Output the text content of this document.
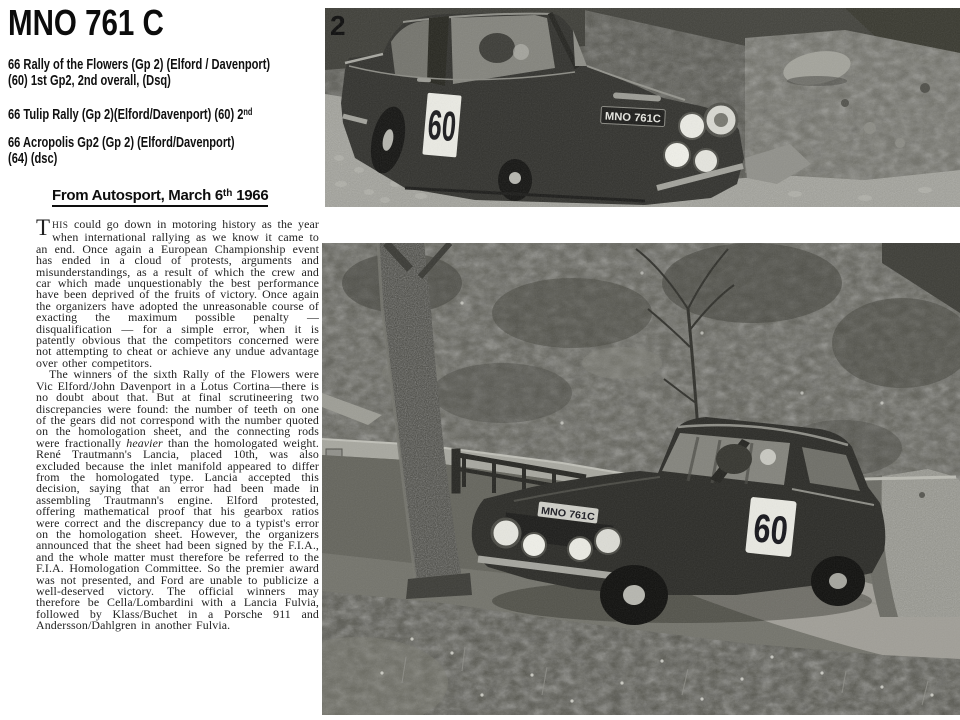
MNO 761 C
66 Rally of the Flowers (Gp 2) (Elford / Davenport)
(60) 1st Gp2, 2nd overall, (Dsq)
66 Tulip Rally (Gp 2)(Elford/Davenport) (60) 2nd
66 Acropolis Gp2 (Gp 2) (Elford/Davenport)
(64) (dsc)
From Autosport, March 6th 1966

THIS could go down in motoring history as the year when international rallying as we know it came to an end. Once again a European Championship event has ended in a cloud of protests, arguments and misunderstandings, as a result of which the crew and car which made unquestionably the best performance have been deprived of the fruits of victory. Once again the organizers have adopted the unreasonable course of exacting the maximum possible penalty — disqualification — for a simple error, when it is patently obvious that the competitors concerned were not attempting to cheat or achieve any undue advantage over other competitors.

The winners of the sixth Rally of the Flowers were Vic Elford/John Davenport in a Lotus Cortina—there is no doubt about that. But at final scrutineering two discrepancies were found: the number of teeth on one of the gears did not correspond with the number quoted on the homologation sheet, and the connecting rods were fractionally heavier than the homologated weight. René Trautmann's Lancia, placed 10th, was also excluded because the inlet manifold appeared to differ from the homologated type. Lancia accepted this decision, saying that an error had been made in assembling Trautmann's engine. Elford protested, offering mathematical proof that his gearbox ratios were correct and the discrepancy due to a typist's error on the homologation sheet. However, the organizers announced that the sheet had been signed by the F.I.A., and the whole matter must therefore be referred to the F.I.A. Homologation Committee. So the premier award was not presented, and Ford are unable to publicize a well-deserved victory. The official winners may therefore be Cella/Lombardini with a Lancia Fulvia, followed by Klass/Buchet in a Porsche 911 and Andersson/Dahlgren in another Fulvia.

60	MNO 761C
2
MNO 761C	60
